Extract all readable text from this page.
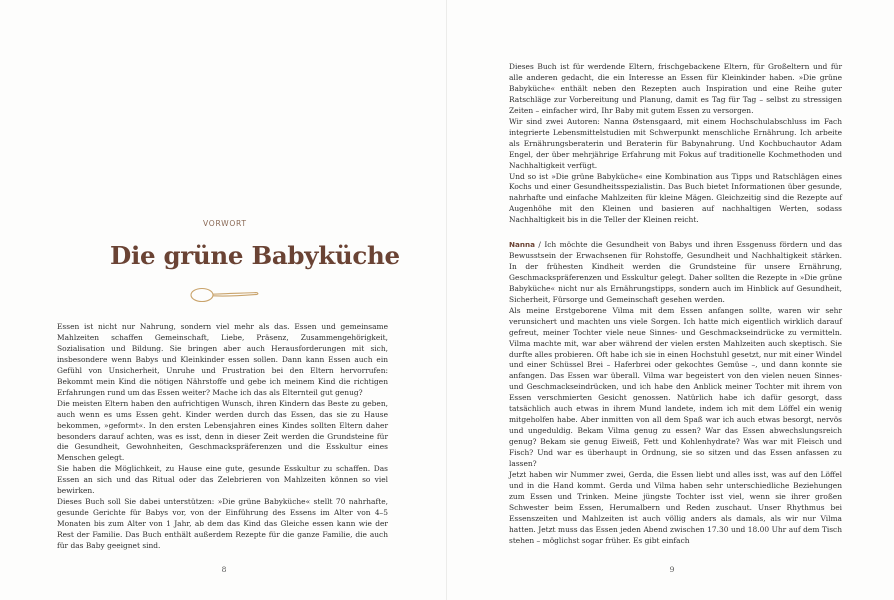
VORWORT
Die grüne Babyküche

Essen ist nicht nur Nahrung, sondern viel mehr als das. Essen und gemeinsame Mahlzeiten schaffen Gemeinschaft, Liebe, Präsenz, Zusammengehörigkeit, Sozialisation und Bildung. Sie bringen aber auch Herausforderungen mit sich, insbesondere wenn Babys und Kleinkinder essen sollen. Dann kann Essen auch ein Gefühl von Unsicherheit, Unruhe und Frustration bei den Eltern hervorrufen: Bekommt mein Kind die nötigen Nährstoffe und gebe ich meinem Kind die richtigen Erfahrungen rund um das Essen weiter? Mache ich das als Elternteil gut genug?

Die meisten Eltern haben den aufrichtigen Wunsch, ihren Kindern das Beste zu geben, auch wenn es ums Essen geht. Kinder werden durch das Essen, das sie zu Hause bekommen, »geformt«. In den ersten Lebensjahren eines Kindes sollten Eltern daher besonders darauf achten, was es isst, denn in dieser Zeit werden die Grundsteine für die Gesundheit, Gewohnheiten, Geschmackspräferenzen und die Esskultur eines Menschen gelegt.

Sie haben die Möglichkeit, zu Hause eine gute, gesunde Esskultur zu schaffen. Das Essen an sich und das Ritual oder das Zelebrieren von Mahlzeiten können so viel bewirken.

Dieses Buch soll Sie dabei unterstützen: »Die grüne Babyküche« stellt 70 nahrhafte, gesunde Gerichte für Babys vor, von der Einführung des Essens im Alter von 4–5 Monaten bis zum Alter von 1 Jahr, ab dem das Kind das Gleiche essen kann wie der Rest der Familie. Das Buch enthält außerdem Rezepte für die ganze Familie, die auch für das Baby geeignet sind.

8

Dieses Buch ist für werdende Eltern, frischgebackene Eltern, für Großeltern und für alle anderen gedacht, die ein Interesse an Essen für Kleinkinder haben. »Die grüne Babyküche« enthält neben den Rezepten auch Inspiration und eine Reihe guter Ratschläge zur Vorbereitung und Planung, damit es Tag für Tag – selbst zu stressigen Zeiten – einfacher wird, Ihr Baby mit gutem Essen zu versorgen.

Wir sind zwei Autoren: Nanna Østensgaard, mit einem Hochschulabschluss im Fach integrierte Lebensmittelstudien mit Schwerpunkt menschliche Ernährung. Ich arbeite als Ernährungsberaterin und Beraterin für Babynahrung. Und Kochbuchautor Adam Engel, der über mehrjährige Erfahrung mit Fokus auf traditionelle Kochmethoden und Nachhaltigkeit verfügt.

Und so ist »Die grüne Babyküche« eine Kombination aus Tipps und Ratschlägen eines Kochs und einer Gesundheitsspezialistin. Das Buch bietet Informationen über gesunde, nahrhafte und einfache Mahlzeiten für kleine Mägen. Gleichzeitig sind die Rezepte auf Augenhöhe mit den Kleinen und basieren auf nachhaltigen Werten, sodass Nachhaltigkeit bis in die Teller der Kleinen reicht.

Nanna / Ich möchte die Gesundheit von Babys und ihren Essgenuss fördern und das Bewusstsein der Erwachsenen für Rohstoffe, Gesundheit und Nachhaltigkeit stärken. In der frühesten Kindheit werden die Grundsteine für unsere Ernährung, Geschmackspräferenzen und Esskultur gelegt. Daher sollten die Rezepte in »Die grüne Babyküche« nicht nur als Ernährungstipps, sondern auch im Hinblick auf Gesundheit, Sicherheit, Fürsorge und Gemeinschaft gesehen werden.

Als meine Erstgeborene Vilma mit dem Essen anfangen sollte, waren wir sehr verunsichert und machten uns viele Sorgen. Ich hatte mich eigentlich wirklich darauf gefreut, meiner Tochter viele neue Sinnes- und Geschmackseindrücke zu vermitteln. Vilma machte mit, war aber während der vielen ersten Mahlzeiten auch skeptisch. Sie durfte alles probieren. Oft habe ich sie in einen Hochstuhl gesetzt, nur mit einer Windel und einer Schüssel Brei – Haferbrei oder gekochtes Gemüse –, und dann konnte sie anfangen. Das Essen war überall. Vilma war begeistert von den vielen neuen Sinnes- und Geschmackseindrücken, und ich habe den Anblick meiner Tochter mit ihrem von Essen verschmierten Gesicht genossen. Natürlich habe ich dafür gesorgt, dass tatsächlich auch etwas in ihrem Mund landete, indem ich mit dem Löffel ein wenig mitgeholfen habe. Aber inmitten von all dem Spaß war ich auch etwas besorgt, nervös und ungeduldig. Bekam Vilma genug zu essen? War das Essen abwechslungsreich genug? Bekam sie genug Eiweiß, Fett und Kohlenhydrate? Was war mit Fleisch und Fisch? Und war es überhaupt in Ordnung, sie so sitzen und das Essen anfassen zu lassen?

Jetzt haben wir Nummer zwei, Gerda, die Essen liebt und alles isst, was auf den Löffel und in die Hand kommt. Gerda und Vilma haben sehr unterschiedliche Beziehungen zum Essen und Trinken. Meine jüngste Tochter isst viel, wenn sie ihrer großen Schwester beim Essen, Herumalbern und Reden zuschaut. Unser Rhythmus bei Essenszeiten und Mahlzeiten ist auch völlig anders als damals, als wir nur Vilma hatten. Jetzt muss das Essen jeden Abend zwischen 17.30 und 18.00 Uhr auf dem Tisch stehen – möglichst sogar früher. Es gibt einfach

9
